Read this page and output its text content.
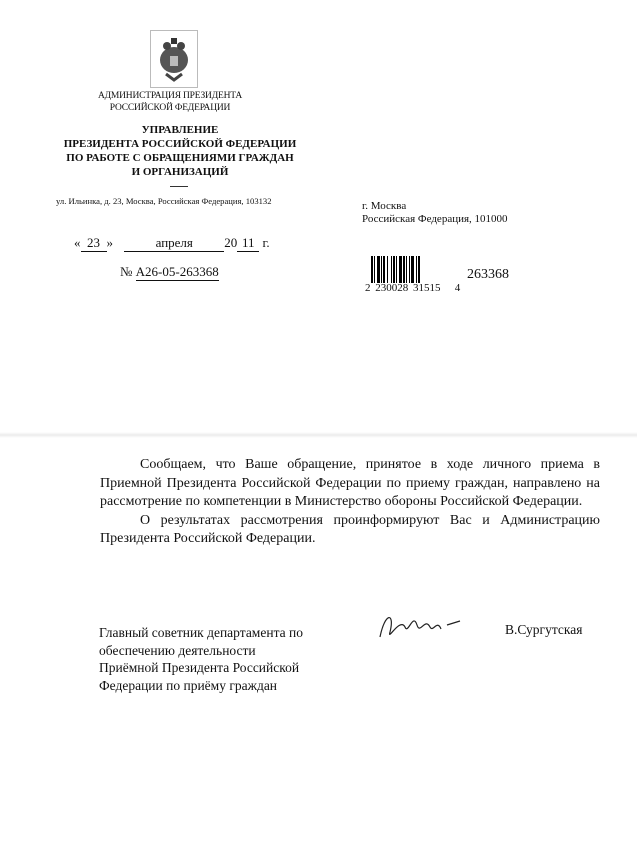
АДМИНИСТРАЦИЯ ПРЕЗИДЕНТА
РОССИЙСКОЙ ФЕДЕРАЦИИ
УПРАВЛЕНИЕ
ПРЕЗИДЕНТА РОССИЙСКОЙ ФЕДЕРАЦИИ
ПО РАБОТЕ С ОБРАЩЕНИЯМИ ГРАЖДАН
И ОРГАНИЗАЦИЙ
ул. Ильинка, д. 23, Москва, Российская Федерация, 103132	г. Москва
Российская Федерация, 101000
« 23 »	апреля 20 11 г.
№ А26-05-263368
2 230028 31515   4
263368

Сообщаем, что Ваше обращение, принятое в ходе личного приема в Приемной Президента Российской Федерации по приему граждан, направлено на рассмотрение по компетенции в Министерство обороны Российской Федерации.

О результатах рассмотрения проинформируют Вас и Администрацию Президента Российской Федерации.

Главный советник департамента по
обеспечению деятельности
Приёмной Президента Российской
Федерации по приёму граждан
В.Сургутская
